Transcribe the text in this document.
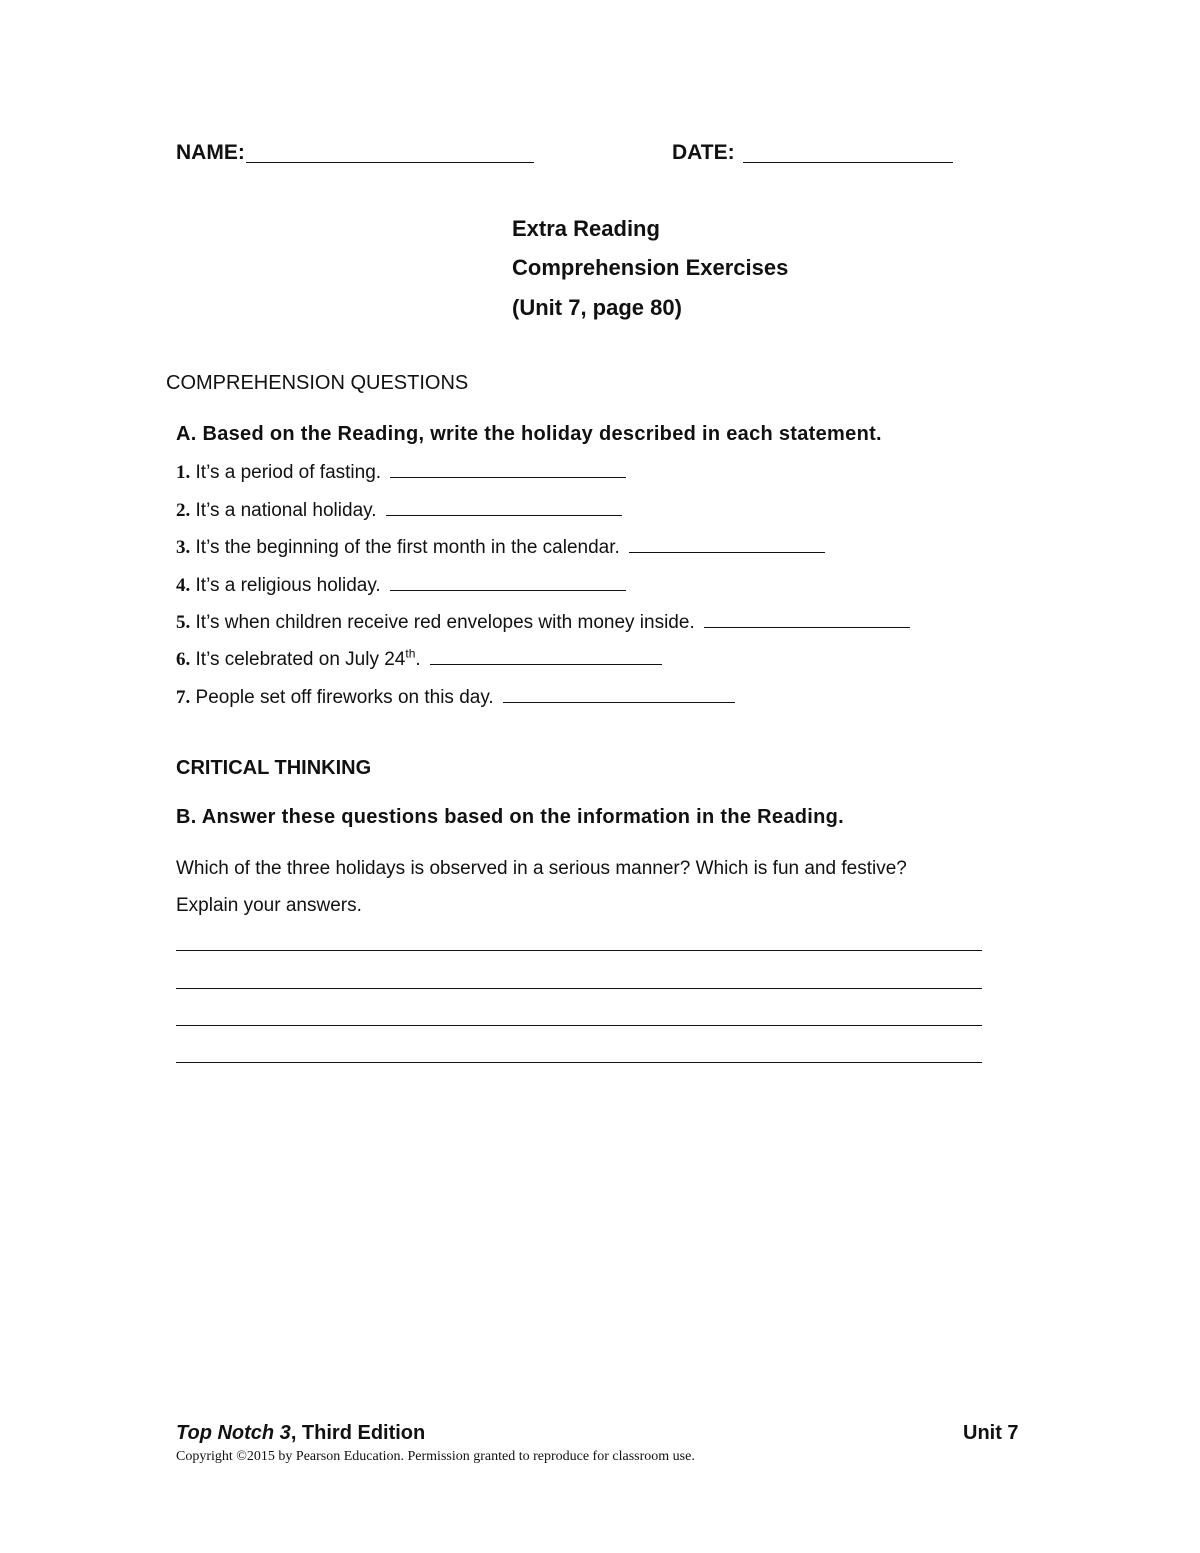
NAME:	DATE:
Extra Reading
Comprehension Exercises
(Unit 7, page 80)
COMPREHENSION QUESTIONS
A. Based on the Reading, write the holiday described in each statement.
1. It’s a period of fasting.
2. It’s a national holiday.
3. It’s the beginning of the first month in the calendar.
4. It’s a religious holiday.
5. It’s when children receive red envelopes with money inside.
6. It’s celebrated on July 24th.
7. People set off fireworks on this day.
CRITICAL THINKING
B. Answer these questions based on the information in the Reading.
Which of the three holidays is observed in a serious manner? Which is fun and festive?
Explain your answers.
Top Notch 3, Third Edition	Unit 7
Copyright ©2015 by Pearson Education. Permission granted to reproduce for classroom use.
